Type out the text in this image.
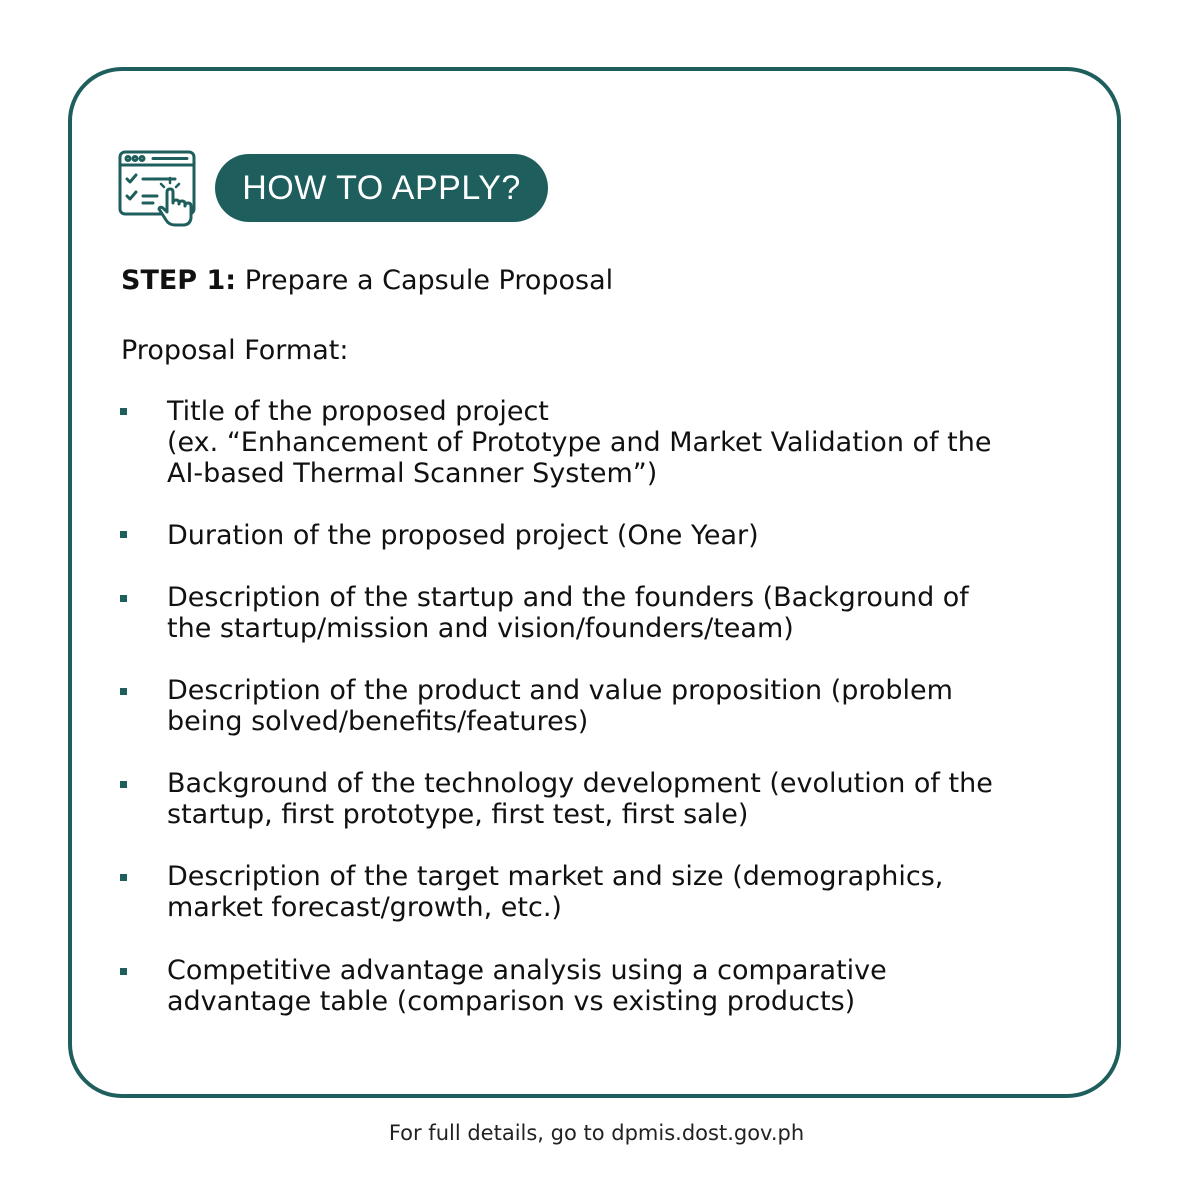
HOW TO APPLY?
STEP 1: Prepare a Capsule Proposal
Proposal Format:
Title of the proposed project
(ex. “Enhancement of Prototype and Market Validation of the
AI-based Thermal Scanner System”)
Duration of the proposed project (One Year)
Description of the startup and the founders (Background of
the startup/mission and vision/founders/team)
Description of the product and value proposition (problem
being solved/benefits/features)
Background of the technology development (evolution of the
startup, first prototype, first test, first sale)
Description of the target market and size (demographics,
market forecast/growth, etc.)
Competitive advantage analysis using a comparative
advantage table (comparison vs existing products)
For full details, go to dpmis.dost.gov.ph
